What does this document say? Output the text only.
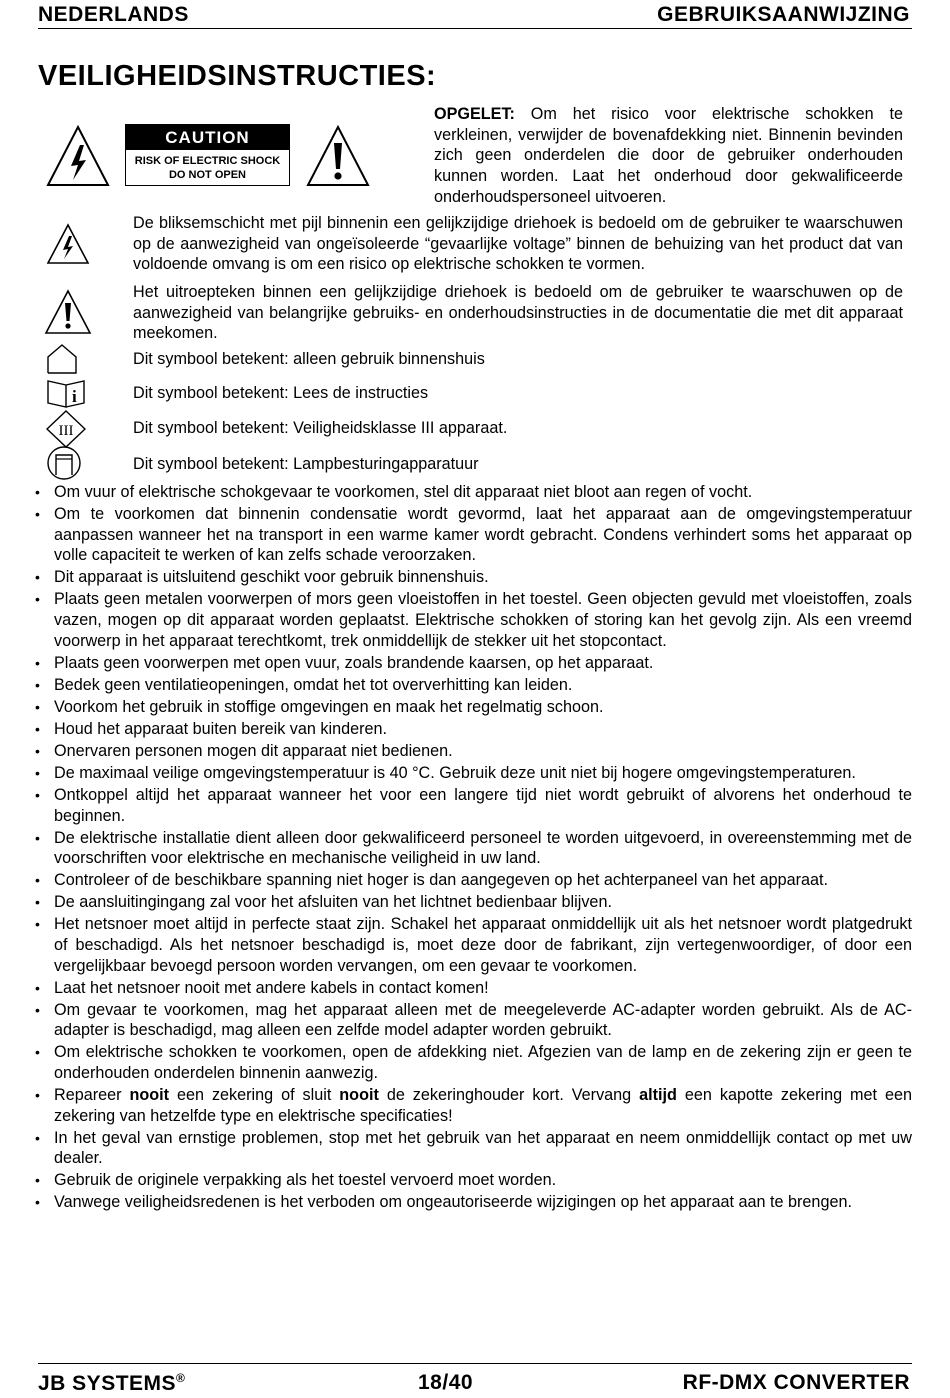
NEDERLANDS	GEBRUIKSAANWIJZING
VEILIGHEIDSINSTRUCTIES:
CAUTION
RISK OF ELECTRIC SHOCK
DO NOT OPEN
OPGELET: Om het risico voor elektrische schokken te verkleinen, verwijder de bovenafdekking niet. Binnenin bevinden zich geen onderdelen die door de gebruiker onderhouden kunnen worden. Laat het onderhoud door gekwalificeerde onderhoudspersoneel uitvoeren.
De bliksemschicht met pijl binnenin een gelijkzijdige driehoek is bedoeld om de gebruiker te waarschuwen op de aanwezigheid van ongeïsoleerde “gevaarlijke voltage” binnen de behuizing van het product dat van voldoende omvang is om een risico op elektrische schokken te vormen.
Het uitroepteken binnen een gelijkzijdige driehoek is bedoeld om de gebruiker te waarschuwen op de aanwezigheid van belangrijke gebruiks- en onderhoudsinstructies in de documentatie die met dit apparaat meekomen.
Dit symbool betekent: alleen gebruik binnenshuis
i	Dit symbool betekent: Lees de instructies
III	Dit symbool betekent: Veiligheidsklasse III apparaat.
Dit symbool betekent: Lampbesturingapparatuur
• Om vuur of elektrische schokgevaar te voorkomen, stel dit apparaat niet bloot aan regen of vocht.
• Om te voorkomen dat binnenin condensatie wordt gevormd, laat het apparaat aan de omgevingstemperatuur aanpassen wanneer het na transport in een warme kamer wordt gebracht. Condens verhindert soms het apparaat op volle capaciteit te werken of kan zelfs schade veroorzaken.
• Dit apparaat is uitsluitend geschikt voor gebruik binnenshuis.
• Plaats geen metalen voorwerpen of mors geen vloeistoffen in het toestel. Geen objecten gevuld met vloeistoffen, zoals vazen, mogen op dit apparaat worden geplaatst. Elektrische schokken of storing kan het gevolg zijn. Als een vreemd voorwerp in het apparaat terechtkomt, trek onmiddellijk de stekker uit het stopcontact.
• Plaats geen voorwerpen met open vuur, zoals brandende kaarsen, op het apparaat.
• Bedek geen ventilatieopeningen, omdat het tot oververhitting kan leiden.
• Voorkom het gebruik in stoffige omgevingen en maak het regelmatig schoon.
• Houd het apparaat buiten bereik van kinderen.
• Onervaren personen mogen dit apparaat niet bedienen.
• De maximaal veilige omgevingstemperatuur is 40 °C. Gebruik deze unit niet bij hogere omgevingstemperaturen.
• Ontkoppel altijd het apparaat wanneer het voor een langere tijd niet wordt gebruikt of alvorens het onderhoud te beginnen.
• De elektrische installatie dient alleen door gekwalificeerd personeel te worden uitgevoerd, in overeenstemming met de voorschriften voor elektrische en mechanische veiligheid in uw land.
• Controleer of de beschikbare spanning niet hoger is dan aangegeven op het achterpaneel van het apparaat.
• De aansluitingingang zal voor het afsluiten van het lichtnet bedienbaar blijven.
• Het netsnoer moet altijd in perfecte staat zijn. Schakel het apparaat onmiddellijk uit als het netsnoer wordt platgedrukt of beschadigd. Als het netsnoer beschadigd is, moet deze door de fabrikant, zijn vertegenwoordiger, of door een vergelijkbaar bevoegd persoon worden vervangen, om een gevaar te voorkomen.
• Laat het netsnoer nooit met andere kabels in contact komen!
• Om gevaar te voorkomen, mag het apparaat alleen met de meegeleverde AC-adapter worden gebruikt. Als de AC-adapter is beschadigd, mag alleen een zelfde model adapter worden gebruikt.
• Om elektrische schokken te voorkomen, open de afdekking niet. Afgezien van de lamp en de zekering zijn er geen te onderhouden onderdelen binnenin aanwezig.
• Repareer nooit een zekering of sluit nooit de zekeringhouder kort. Vervang altijd een kapotte zekering met een zekering van hetzelfde type en elektrische specificaties!
• In het geval van ernstige problemen, stop met het gebruik van het apparaat en neem onmiddellijk contact op met uw dealer.
• Gebruik de originele verpakking als het toestel vervoerd moet worden.
• Vanwege veiligheidsredenen is het verboden om ongeautoriseerde wijzigingen op het apparaat aan te brengen.
JB SYSTEMS®	18/40	RF-DMX CONVERTER
